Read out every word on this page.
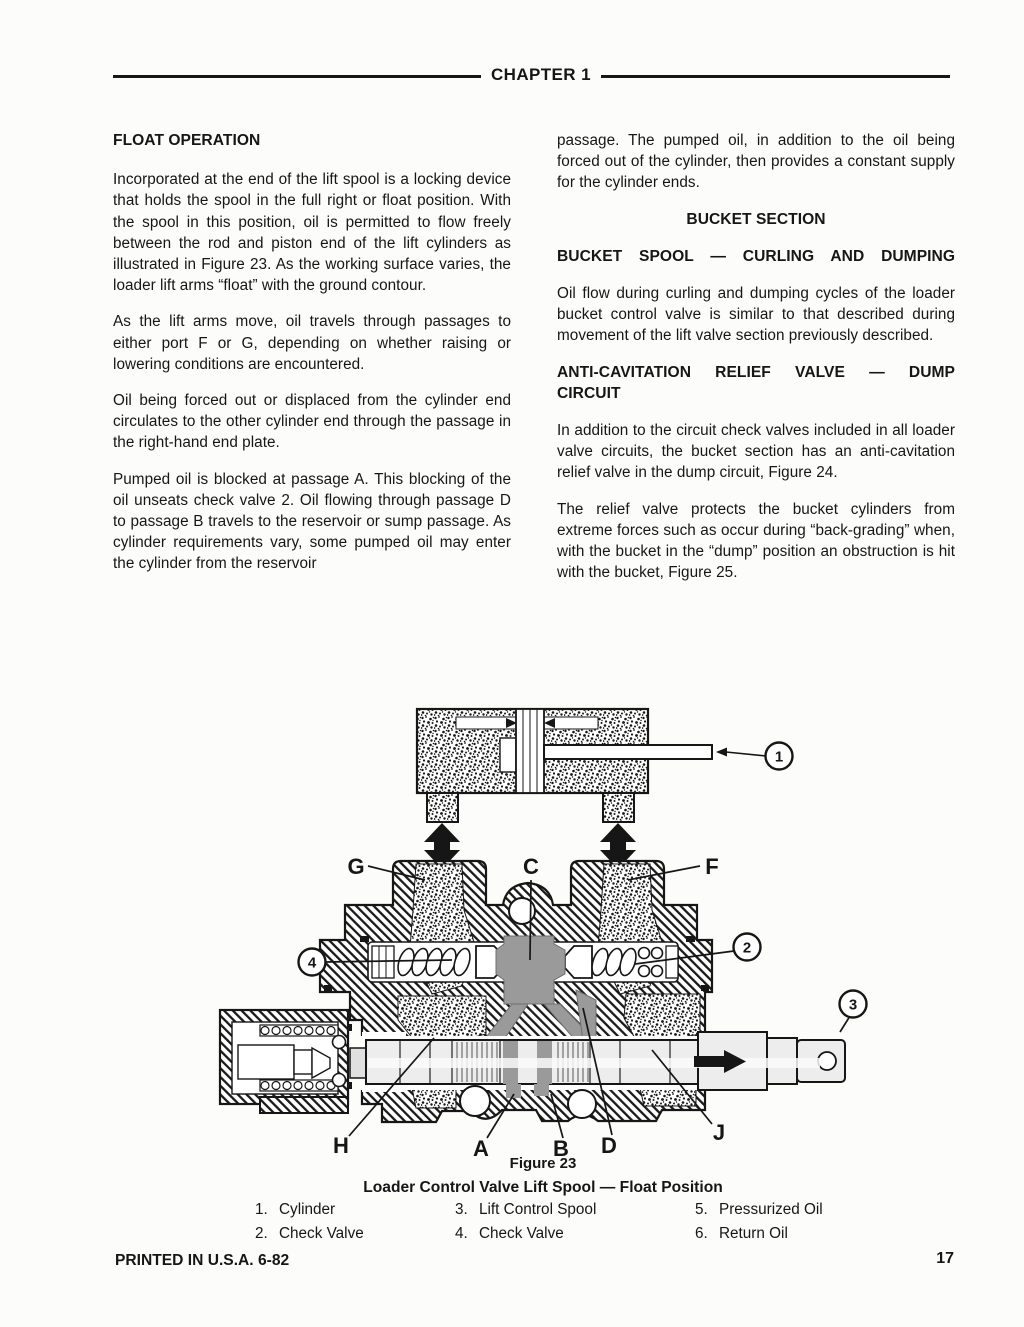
CHAPTER 1
FLOAT OPERATION

Incorporated at the end of the lift spool is a locking device that holds the spool in the full right or float position. With the spool in this position, oil is permitted to flow freely between the rod and piston end of the lift cylinders as illustrated in Figure 23. As the working surface varies, the loader lift arms “float” with the ground contour.

As the lift arms move, oil travels through passages to either port F or G, depending on whether raising or lowering conditions are encountered.

Oil being forced out or displaced from the cylinder end circulates to the other cylinder end through the passage in the right-hand end plate.

Pumped oil is blocked at passage A. This blocking of the oil unseats check valve 2. Oil flowing through passage D to passage B travels to the reservoir or sump passage. As cylinder requirements vary, some pumped oil may enter the cylinder from the reservoir

passage. The pumped oil, in addition to the oil being forced out of the cylinder, then provides a constant supply for the cylinder ends.

BUCKET SECTION
BUCKET SPOOL — CURLING AND DUMPING

Oil flow during curling and dumping cycles of the loader bucket control valve is similar to that described during movement of the lift valve section previously described.

ANTI-CAVITATION RELIEF VALVE — DUMP
CIRCUIT

In addition to the circuit check valves included in all loader valve circuits, the bucket section has an anti-cavitation relief valve in the dump circuit, Figure 24.

The relief valve protects the bucket cylinders from extreme forces such as occur during “back-grading” when, with the bucket in the “dump” position an obstruction is hit with the bucket, Figure 25.

1
G	C	F
H	A	B D
J
4
2
3
Figure 23
Loader Control Valve Lift Spool — Float Position
1. Cylinder
2. Check Valve
3. Lift Control Spool
4. Check Valve
5. Pressurized Oil
6. Return Oil
PRINTED IN U.S.A. 6-82	17
